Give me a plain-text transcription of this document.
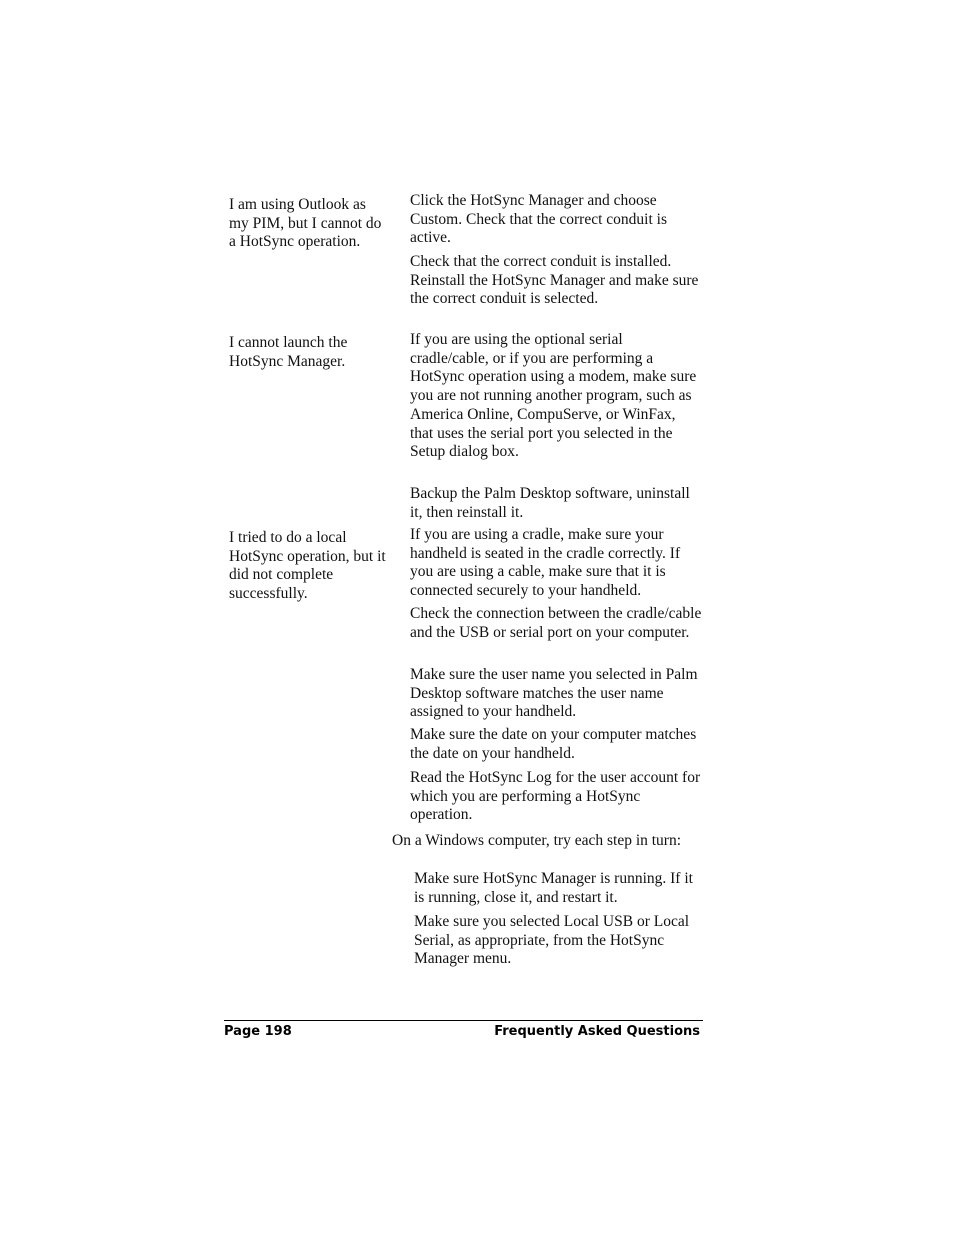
I am using Outlook as my PIM, but I cannot do a HotSync operation.

Click the HotSync Manager and choose Custom. Check that the correct conduit is active.

Check that the correct conduit is installed. Reinstall the HotSync Manager and make sure the correct conduit is selected.

I cannot launch the HotSync Manager.

If you are using the optional serial cradle/cable, or if you are performing a HotSync operation using a modem, make sure you are not running another program, such as America Online, CompuServe, or WinFax, that uses the serial port you selected in the Setup dialog box.

Backup the Palm Desktop software, uninstall it, then reinstall it.

I tried to do a local HotSync operation, but it did not complete successfully.

If you are using a cradle, make sure your handheld is seated in the cradle correctly. If you are using a cable, make sure that it is connected securely to your handheld.

Check the connection between the cradle/cable and the USB or serial port on your computer.

Make sure the user name you selected in Palm Desktop software matches the user name assigned to your handheld.

Make sure the date on your computer matches the date on your handheld.

Read the HotSync Log for the user account for which you are performing a HotSync operation.

On a Windows computer, try each step in turn:

Make sure HotSync Manager is running. If it is running, close it, and restart it.

Make sure you selected Local USB or Local Serial, as appropriate, from the HotSync Manager menu.

Page 198	Frequently Asked Questions
